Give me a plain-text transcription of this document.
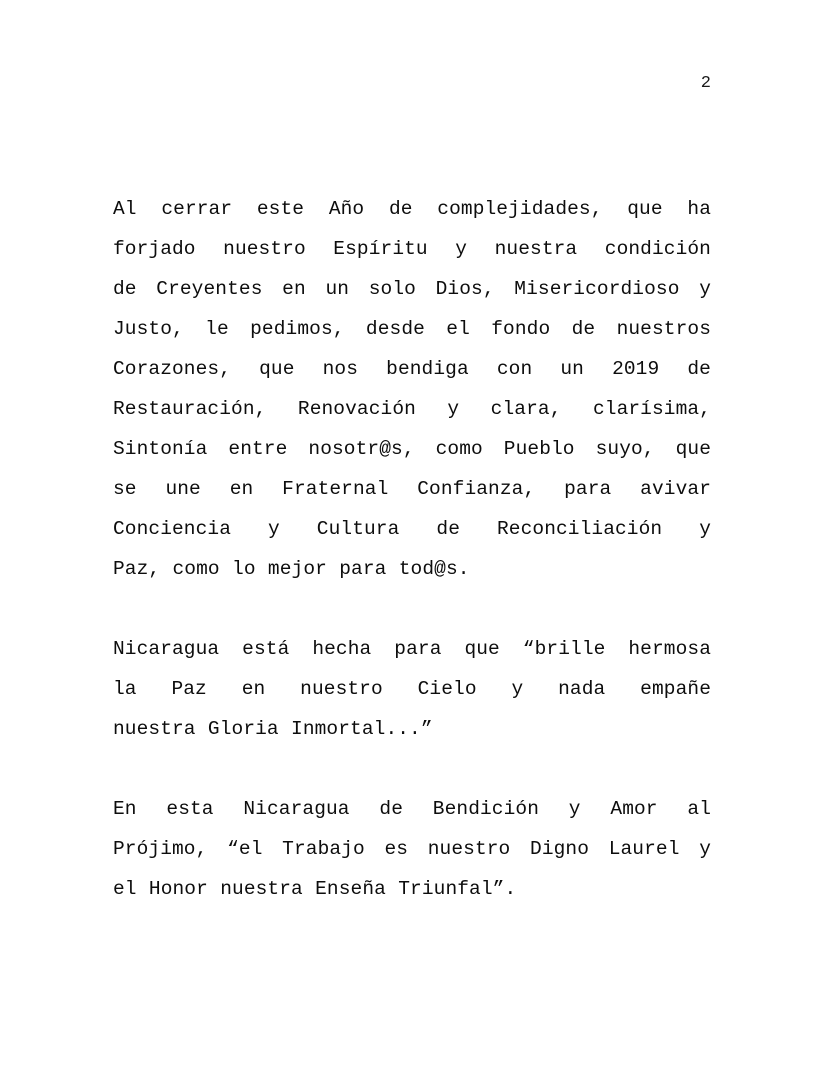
2
Al cerrar este Año de complejidades, que ha
forjado nuestro Espíritu y nuestra condición
de Creyentes en un solo Dios, Misericordioso y
Justo, le pedimos, desde el fondo de nuestros
Corazones, que nos bendiga con un 2019 de
Restauración, Renovación y clara, clarísima,
Sintonía entre nosotr@s, como Pueblo suyo, que
se une en Fraternal Confianza, para avivar
Conciencia y Cultura de Reconciliación y
Paz, como lo mejor para tod@s.
Nicaragua está hecha para que “brille hermosa
la Paz en nuestro Cielo y nada empañe
nuestra Gloria Inmortal...”
En esta Nicaragua de Bendición y Amor al
Prójimo, “el Trabajo es nuestro Digno Laurel y
el Honor nuestra Enseña Triunfal”.
